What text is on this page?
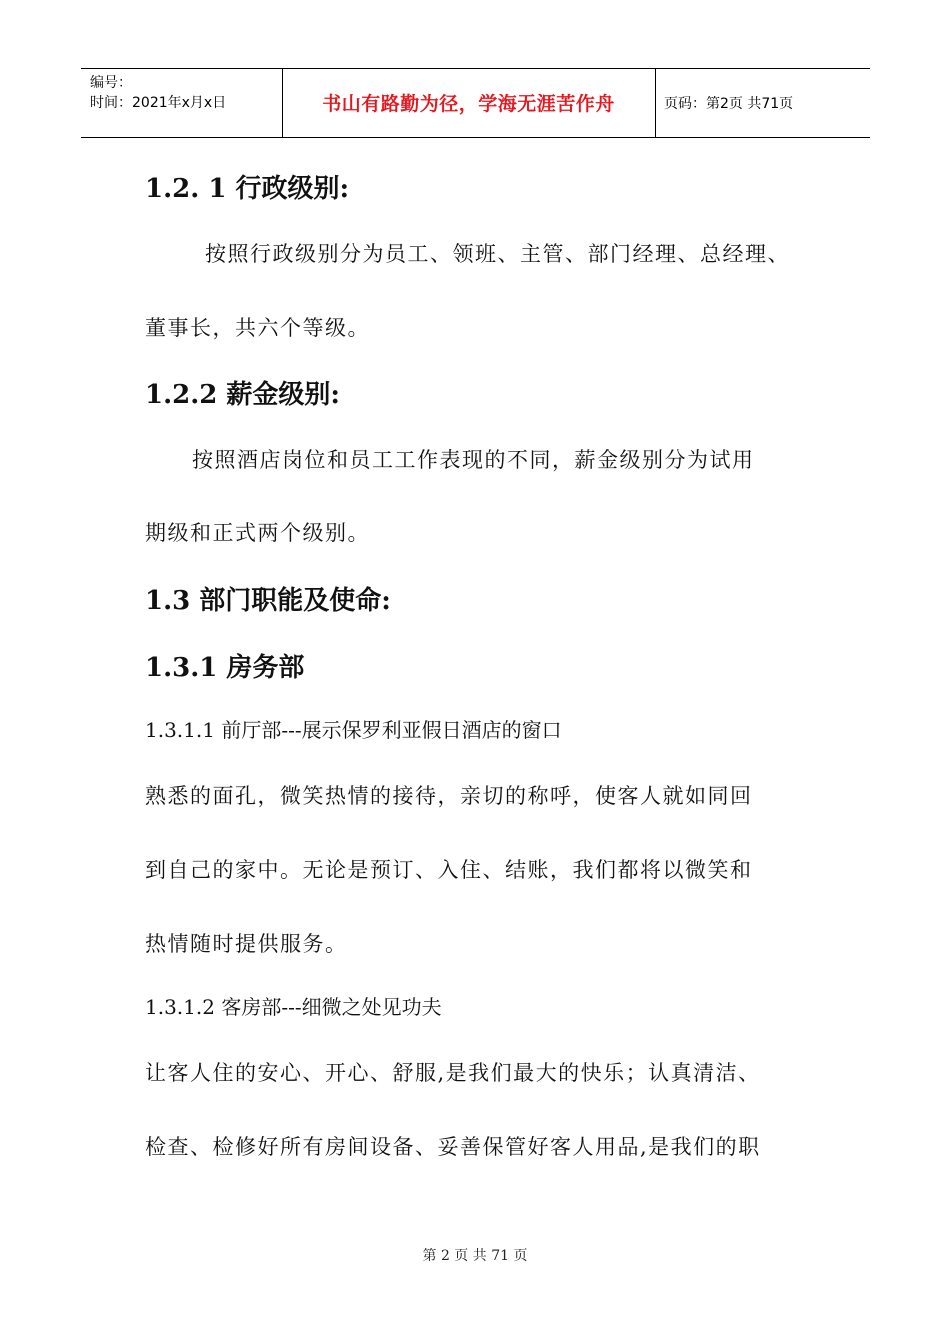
编号：
时间：2021年x月x日	书山有路勤为径，学海无涯苦作舟	页码：第2页 共71页
1.2. 1 行政级别:
按照行政级别分为员工、领班、主管、部门经理、总经理、
董事长，共六个等级。
1.2.2 薪金级别:
按照酒店岗位和员工工作表现的不同，薪金级别分为试用
期级和正式两个级别。
1.3 部门职能及使命:
1.3.1 房务部
1.3.1.1 前厅部---展示保罗利亚假日酒店的窗口
熟悉的面孔，微笑热情的接待，亲切的称呼，使客人就如同回
到自己的家中。无论是预订、入住、结账，我们都将以微笑和
热情随时提供服务。
1.3.1.2 客房部---细微之处见功夫
让客人住的安心、开心、舒服,是我们最大的快乐；认真清洁、
检查、检修好所有房间设备、妥善保管好客人用品,是我们的职
第 2 页 共 71 页
